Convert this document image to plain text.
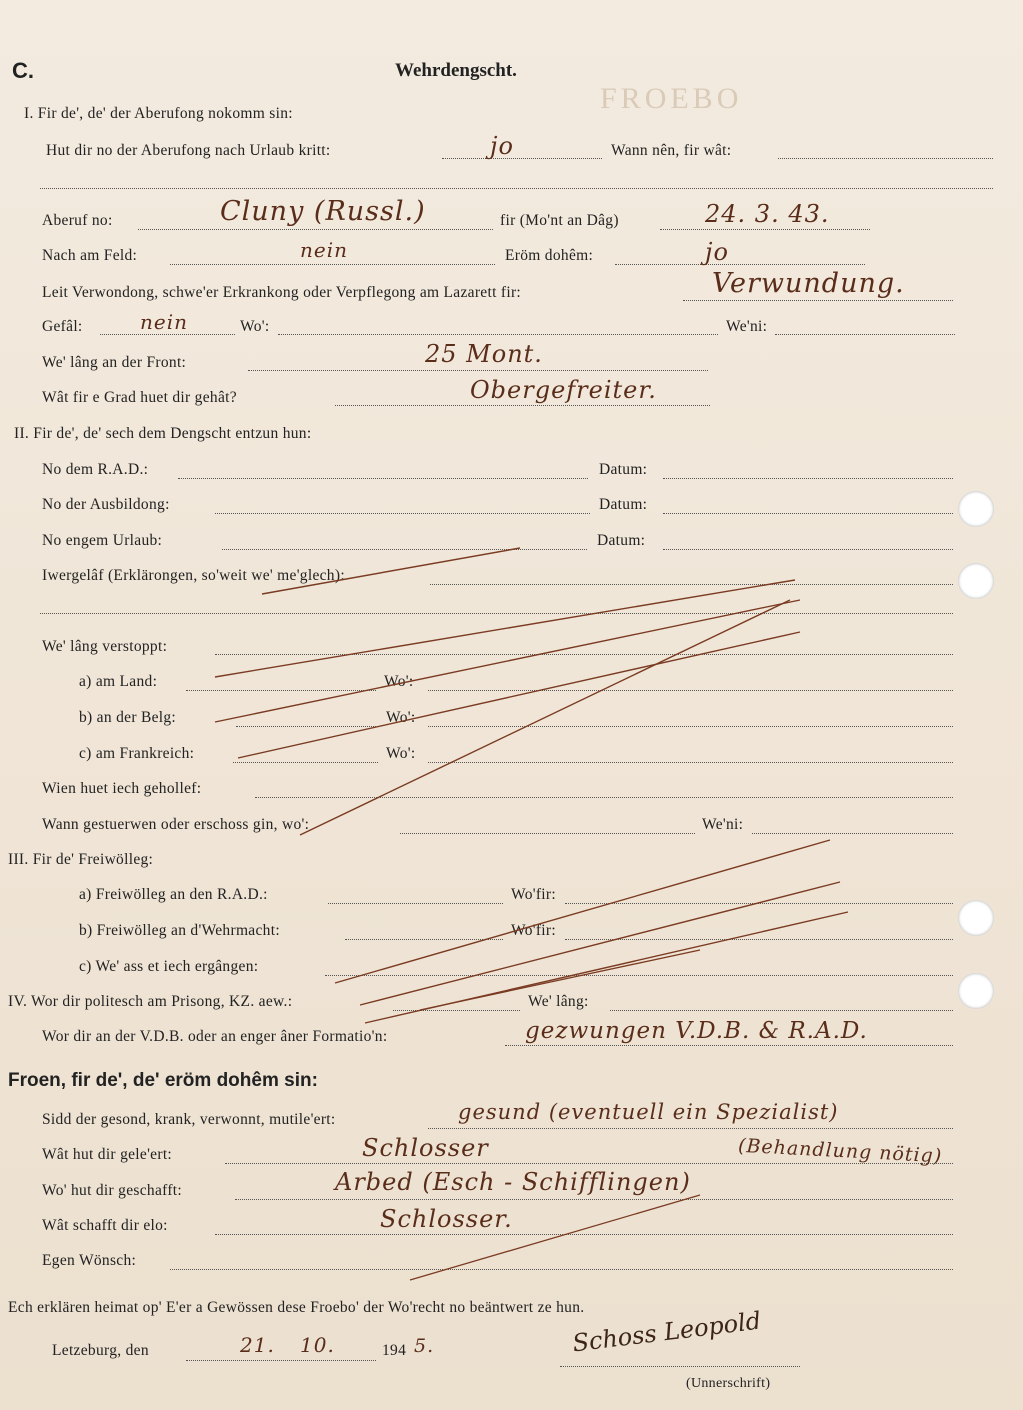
FROEBO
C.	Wehrdengscht.
I. Fir de', de' der Aberufong nokomm sin:
Hut dir no der Aberufong nach Urlaub kritt:	jo	Wann nên, fir wât:
Aberuf no:	Cluny (Russl.)	fir (Mo'nt an Dâg)	24. 3. 43.
Nach am Feld:	nein	Eröm dohêm:	jo
Leit Verwondong, schwe'er Erkrankong oder Verpflegong am Lazarett fir:	Verwundung.
Gefâl:	nein	Wo':	We'ni:
We' lâng an der Front:	25 Mont.
Wât fir e Grad huet dir gehât?	Obergefreiter.
II. Fir de', de' sech dem Dengscht entzun hun:
No dem R.A.D.:	Datum:
No der Ausbildong:	Datum:
No engem Urlaub:	Datum:
Iwergelâf (Erklärongen, so'weit we' me'glech):
We' lâng verstoppt:
a) am Land:	Wo':
b) an der Belg:	Wo':
c) am Frankreich:	Wo':
Wien huet iech gehollef:
Wann gestuerwen oder erschoss gin, wo':	We'ni:
III. Fir de' Freiwölleg:
a) Freiwölleg an den R.A.D.:	Wo'fir:
b) Freiwölleg an d'Wehrmacht:	Wo'fir:
c) We' ass et iech ergângen:
IV. Wor dir politesch am Prisong, KZ. aew.:	We' lâng:
Wor dir an der V.D.B. oder an enger âner Formatio'n:	gezwungen V.D.B. & R.A.D.
Froen, fir de', de' eröm dohêm sin:
Sidd der gesond, krank, verwonnt, mutile'ert:	gesund (eventuell ein Spezialist)
Wât hut dir gele'ert:	Schlosser	(Behandlung nötig)
Wo' hut dir geschafft:	Arbed (Esch - Schifflingen)
Wât schafft dir elo:	Schlosser.
Egen Wönsch:
Ech erklären heimat op' E'er a Gewössen dese Froebo' der Wo'recht no beäntwert ze hun.
Letzeburg, den	21. 10.	194 5.	Schoss Leopold
(Unnerschrift)
